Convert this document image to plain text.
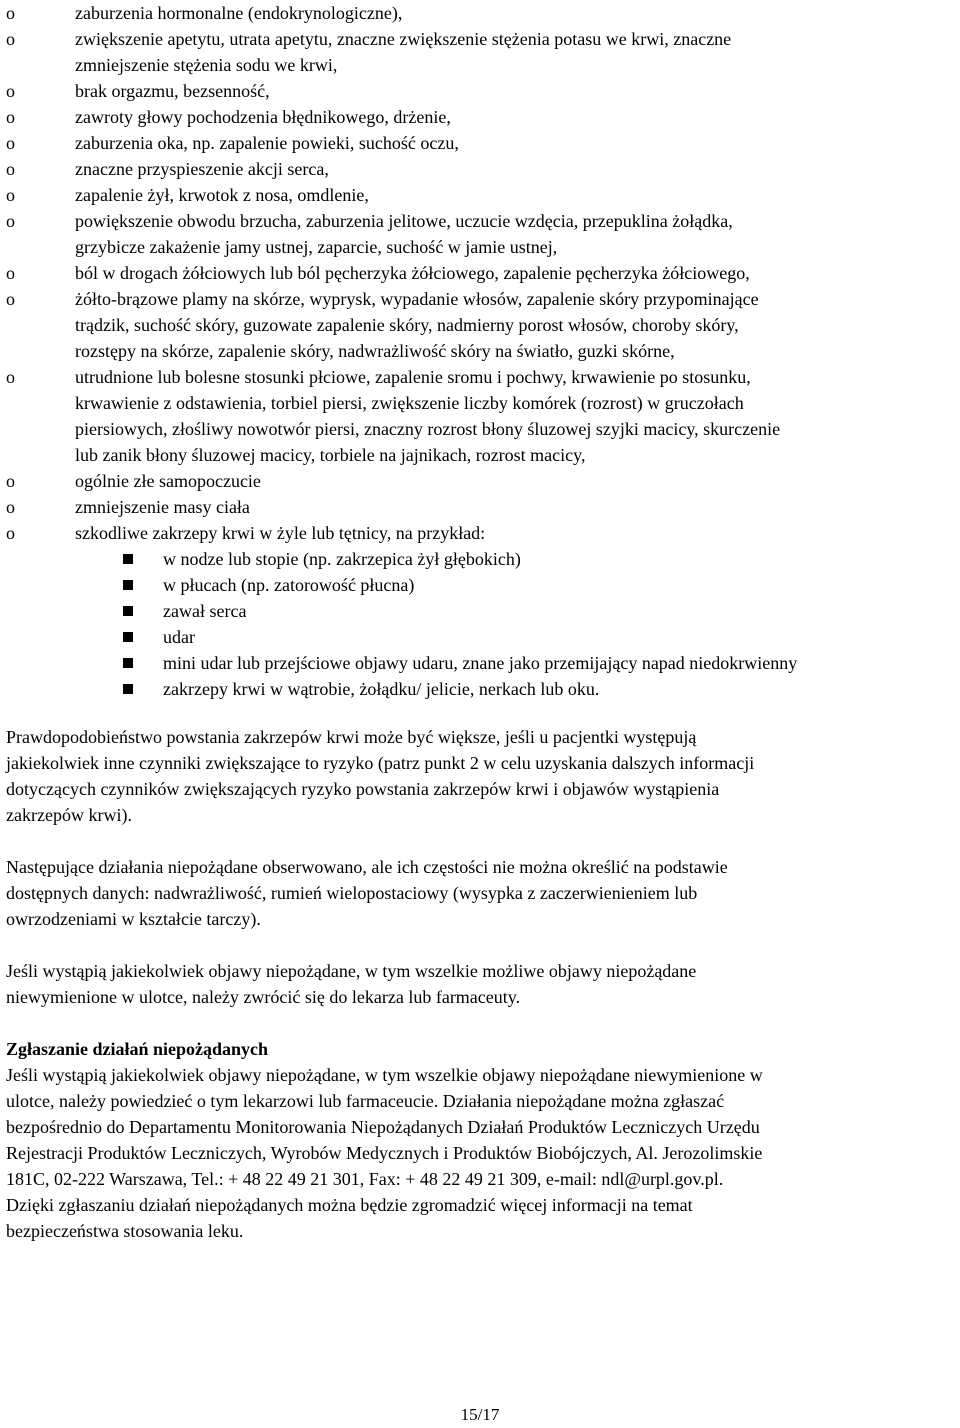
o	zaburzenia hormonalne (endokrynologiczne),
o	zwiększenie apetytu, utrata apetytu, znaczne zwiększenie stężenia potasu we krwi, znaczne
zmniejszenie stężenia sodu we krwi,
o	brak orgazmu, bezsenność,
o	zawroty głowy pochodzenia błędnikowego, drżenie,
o	zaburzenia oka, np. zapalenie powieki, suchość oczu,
o	znaczne przyspieszenie akcji serca,
o	zapalenie żył, krwotok z nosa, omdlenie,
o	powiększenie obwodu brzucha, zaburzenia jelitowe, uczucie wzdęcia, przepuklina żołądka,
grzybicze zakażenie jamy ustnej, zaparcie, suchość w jamie ustnej,
o	ból w drogach żółciowych lub ból pęcherzyka żółciowego, zapalenie pęcherzyka żółciowego,
o	żółto-brązowe plamy na skórze, wyprysk, wypadanie włosów, zapalenie skóry przypominające
trądzik, suchość skóry, guzowate zapalenie skóry, nadmierny porost włosów, choroby skóry,
rozstępy na skórze, zapalenie skóry, nadwrażliwość skóry na światło, guzki skórne,
o	utrudnione lub bolesne stosunki płciowe, zapalenie sromu i pochwy, krwawienie po stosunku,
krwawienie z odstawienia, torbiel piersi, zwiększenie liczby komórek (rozrost) w gruczołach
piersiowych, złośliwy nowotwór piersi, znaczny rozrost błony śluzowej szyjki macicy, skurczenie
lub zanik błony śluzowej macicy, torbiele na jajnikach, rozrost macicy,
o	ogólnie złe samopoczucie
o	zmniejszenie masy ciała
o	szkodliwe zakrzepy krwi w żyle lub tętnicy, na przykład:
w nodze lub stopie (np. zakrzepica żył głębokich)
w płucach (np. zatorowość płucna)
zawał serca
udar
mini udar lub przejściowe objawy udaru, znane jako przemijający napad niedokrwienny
zakrzepy krwi w wątrobie, żołądku/ jelicie, nerkach lub oku.
Prawdopodobieństwo powstania zakrzepów krwi może być większe, jeśli u pacjentki występują
jakiekolwiek inne czynniki zwiększające to ryzyko (patrz punkt 2 w celu uzyskania dalszych informacji
dotyczących czynników zwiększających ryzyko powstania zakrzepów krwi i objawów wystąpienia
zakrzepów krwi).
Następujące działania niepożądane obserwowano, ale ich częstości nie można określić na podstawie
dostępnych danych: nadwrażliwość, rumień wielopostaciowy (wysypka z zaczerwienieniem lub
owrzodzeniami w kształcie tarczy).
Jeśli wystąpią jakiekolwiek objawy niepożądane, w tym wszelkie możliwe objawy niepożądane
niewymienione w ulotce, należy zwrócić się do lekarza lub farmaceuty.
Zgłaszanie działań niepożądanych
Jeśli wystąpią jakiekolwiek objawy niepożądane, w tym wszelkie objawy niepożądane niewymienione w
ulotce, należy powiedzieć o tym lekarzowi lub farmaceucie. Działania niepożądane można zgłaszać
bezpośrednio do Departamentu Monitorowania Niepożądanych Działań Produktów Leczniczych Urzędu
Rejestracji Produktów Leczniczych, Wyrobów Medycznych i Produktów Biobójczych, Al. Jerozolimskie
181C, 02-222 Warszawa, Tel.: + 48 22 49 21 301, Fax: + 48 22 49 21 309, e-mail: ndl@urpl.gov.pl.
Dzięki zgłaszaniu działań niepożądanych można będzie zgromadzić więcej informacji na temat
bezpieczeństwa stosowania leku.
15/17
